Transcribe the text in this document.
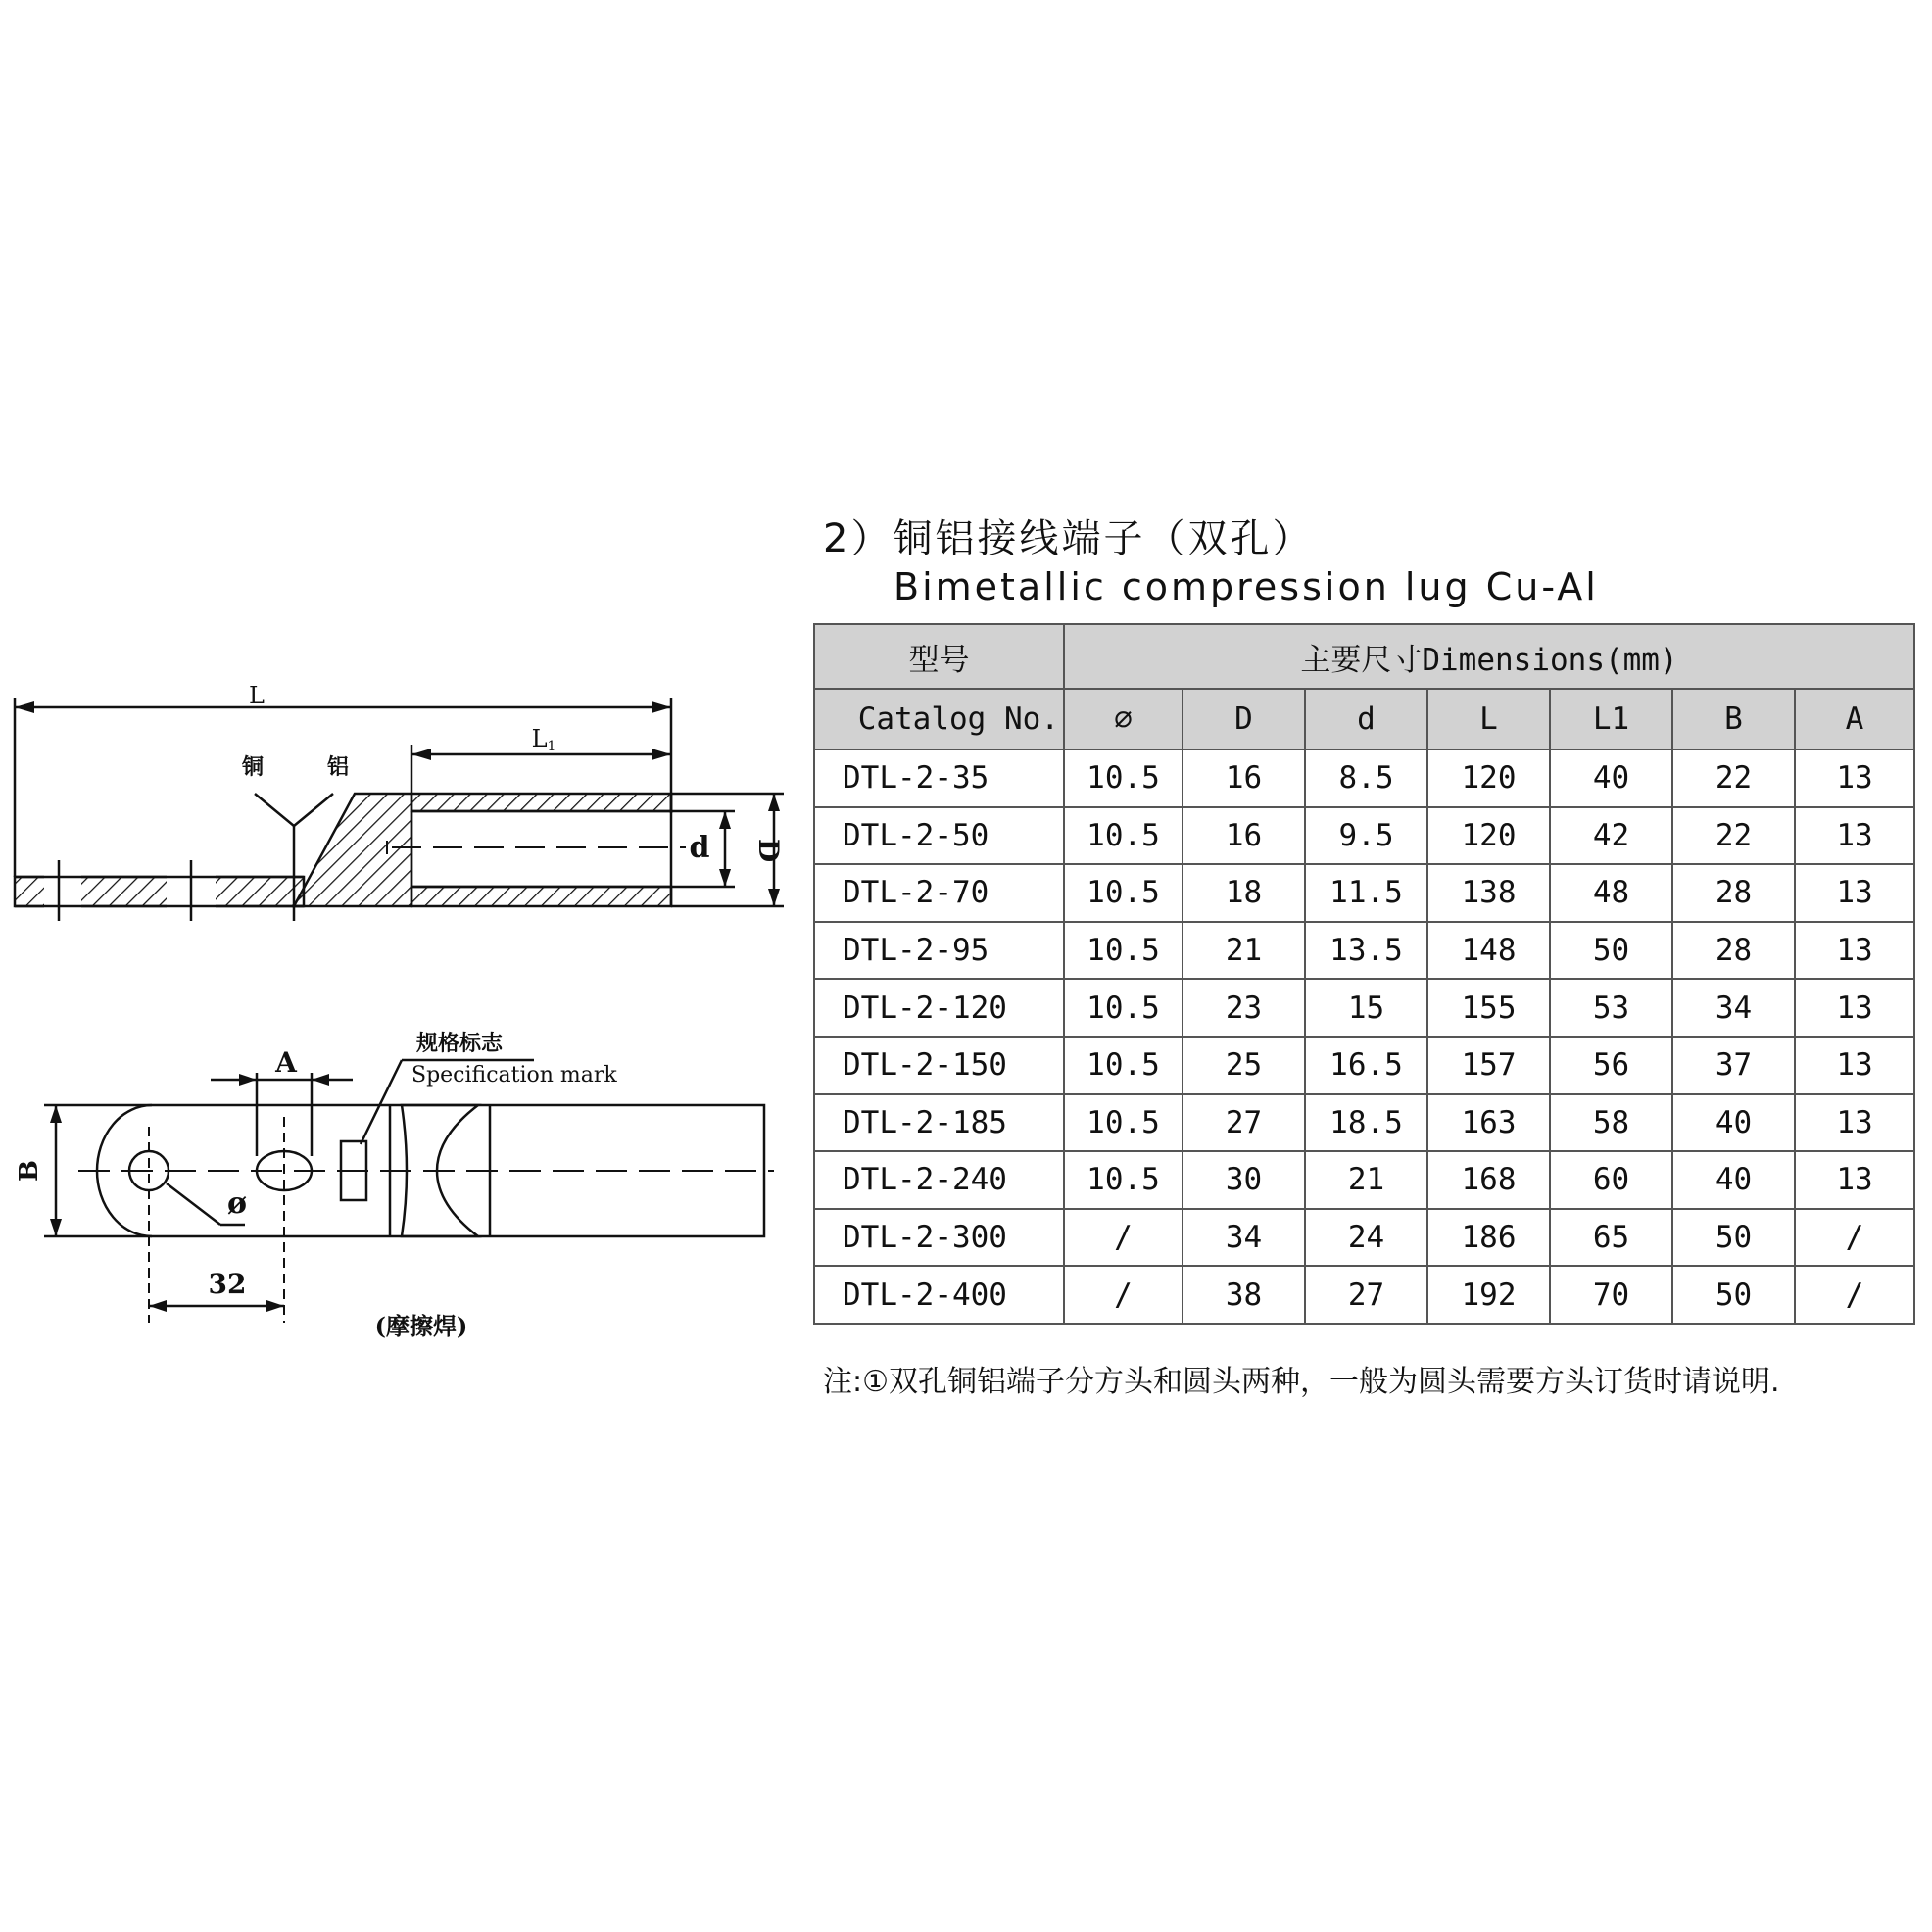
L
L1
铜	铝
d D
A
B
ø
32
规格标志
Specification mark
(摩擦焊)
2）铜铝接线端子（双孔）
Bimetallic compression lug Cu-Al
型号	主要尺寸Dimensions(mm)						
Catalog No.	⌀	D	d	L	L1	B	A
DTL-2-35	10.5	16	8.5	120	40	22	13
DTL-2-50	10.5	16	9.5	120	42	22	13
DTL-2-70	10.5	18	11.5	138	48	28	13
DTL-2-95	10.5	21	13.5	148	50	28	13
DTL-2-120	10.5	23	15	155	53	34	13
DTL-2-150	10.5	25	16.5	157	56	37	13
DTL-2-185	10.5	27	18.5	163	58	40	13
DTL-2-240	10.5	30	21	168	60	40	13
DTL-2-300	/	34	24	186	65	50	/
DTL-2-400	/	38	27	192	70	50	/
注:①双孔铜铝端子分方头和圆头两种，一般为圆头需要方头订货时请说明.
